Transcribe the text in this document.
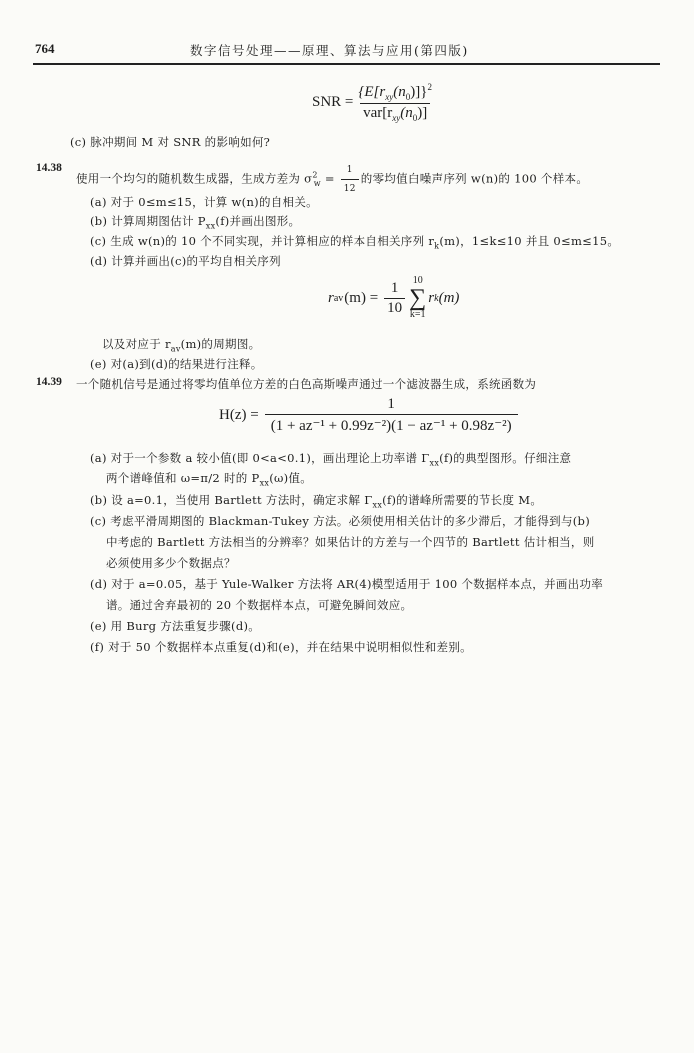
764	数字信号处理——原理、算法与应用(第四版)
SNR = $\frac{\{E[r_{xy}(n_0)]\}^2}{var[r_{xy}(n_0)]}$
(c) 脉冲期间 M 对 SNR 的影响如何?
14.38
使用一个均匀的随机数生成器，生成方差为 $\sigma^2_w = \frac{1}{12}$ 的零均值白噪声序列 w(n)的 100 个样本。
(a) 对于 0≤m≤15，计算 w(n)的自相关。
(b) 计算周期图估计 $P_{xx}(f)$并画出图形。
(c) 生成 w(n)的 10 个不同实现，并计算相应的样本自相关序列 $r_k(m)$，1≤k≤10 并且 0≤m≤15。
(d) 计算并画出(c)的平均自相关序列
r av $(m) = \frac{1}{10} 10$
∑
k=1
r k (m)
以及对应于 $r_{av}(m)$的周期图。
(e) 对(a)到(d)的结果进行注释。
14.39 一个随机信号是通过将零均值单位方差的白色高斯噪声通过一个滤波器生成，系统函数为
$H(z) = \frac{1}{\text{(1 + az⁻¹ + 0.99z⁻²)(1 − az⁻¹ + 0.98z⁻²)}}$
(a) 对于一个参数 a 较小值(即 0<a<0.1)，画出理论上功率谱 $\Gamma_{xx}(f)$的典型图形。仔细注意
两个谱峰值和 ω=π/2 时的 $P_{xx}(\omega)$值。
(b) 设 a=0.1，当使用 Bartlett 方法时，确定求解 $\Gamma_{xx}(f)$的谱峰所需要的节长度 M。
(c) 考虑平滑周期图的 Blackman-Tukey 方法。必须使用相关估计的多少滞后，才能得到与(b)
中考虑的 Bartlett 方法相当的分辨率？如果估计的方差与一个四节的 Bartlett 估计相当，则
必须使用多少个数据点？
(d) 对于 a=0.05，基于 Yule-Walker 方法将 AR(4)模型适用于 100 个数据样本点，并画出功率
谱。通过舍弃最初的 20 个数据样本点，可避免瞬间效应。
(e) 用 Burg 方法重复步骤(d)。
(f) 对于 50 个数据样本点重复(d)和(e)，并在结果中说明相似性和差别。
